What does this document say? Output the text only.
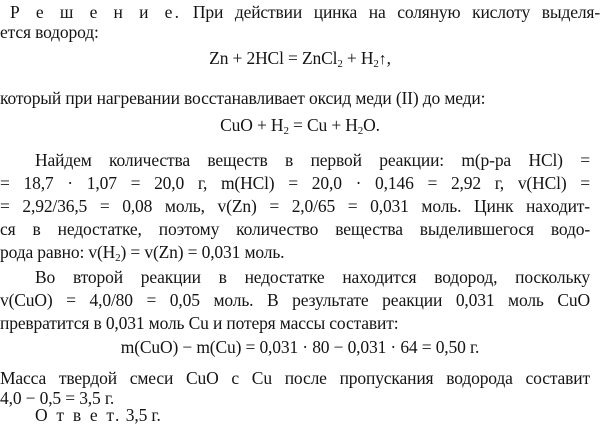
Р е ш е н и е. При действии цинка на соляную кислоту выделя-
ется водород:
Zn + 2HCl = ZnCl$_2$ + $H_2↑$,
который при нагревании восстанавливает оксид меди (II) до меди:
CuO + $H_2 = Cu + H_2O$.
Найдем количества веществ в первой реакции: m(р-ра HCl) =
= 18,7 · 1,07 = 20,0 г, m(HCl) = 20,0 · 0,146 = 2,92 г, v(HCl) =
= 2,92/36,5 = 0,08 моль, v(Zn) = 2,0/65 = 0,031 моль. Цинк находит-
ся в недостатке, поэтому количество вещества выделившегося водо-
рода равно: $v(H_2) = v(Zn) = 0,031$ моль.
Во второй реакции в недостатке находится водород, поскольку
v(CuO) = 4,0/80 = 0,05 моль. В результате реакции 0,031 моль CuO
превратится в 0,031 моль Cu и потеря массы составит:
m(CuO) − m(Cu) = 0,031 · 80 − 0,031 · 64 = 0,50 г.
Масса твердой смеси CuO с Cu после пропускания водорода составит
4,0 − 0,5 = 3,5 г.
О т в е т. 3,5 г.
